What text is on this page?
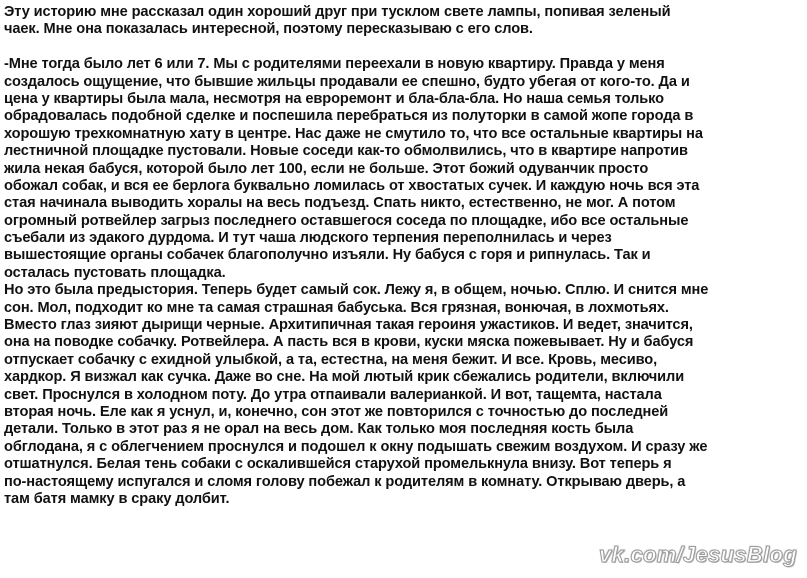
Эту историю мне рассказал один хороший друг при тусклом свете лампы, попивая зеленый
чаек. Мне она показалась интересной, поэтому пересказываю с его слов.
-Мне тогда было лет 6 или 7. Мы с родителями переехали в новую квартиру. Правда у меня
создалось ощущение, что бывшие жильцы продавали ее спешно, будто убегая от кого-то. Да и
цена у квартиры была мала, несмотря на евроремонт и бла-бла-бла. Но наша семья только
обрадовалась подобной сделке и поспешила перебраться из полуторки в самой жопе города в
хорошую трехкомнатную хату в центре. Нас даже не смутило то, что все остальные квартиры на
лестничной площадке пустовали. Новые соседи как-то обмолвились, что в квартире напротив
жила некая бабуся, которой было лет 100, если не больше. Этот божий одуванчик просто
обожал собак, и вся ее берлога буквально ломилась от хвостатых сучек. И каждую ночь вся эта
стая начинала выводить хоралы на весь подъезд. Спать никто, естественно, не мог. А потом
огромный ротвейлер загрыз последнего оставшегося соседа по площадке, ибо все остальные
съебали из эдакого дурдома. И тут чаша людского терпения переполнилась и через
вышестоящие органы собачек благополучно изъяли. Ну бабуся с горя и рипнулась. Так и
осталась пустовать площадка.
Но это была предыстория. Теперь будет самый сок. Лежу я, в общем, ночью. Сплю. И снится мне
сон. Мол, подходит ко мне та самая страшная бабуська. Вся грязная, вонючая, в лохмотьях.
Вместо глаз зияют дырищи черные. Архитипичная такая героиня ужастиков. И ведет, значится,
она на поводке собачку. Ротвейлера. А пасть вся в крови, куски мяска пожевывает. Ну и бабуся
отпускает собачку с ехидной улыбкой, а та, естестна, на меня бежит. И все. Кровь, месиво,
хардкор. Я визжал как сучка. Даже во сне. На мой лютый крик сбежались родители, включили
свет. Проснулся в холодном поту. До утра отпаивали валерианкой. И вот, тащемта, настала
вторая ночь. Еле как я уснул, и, конечно, сон этот же повторился с точностью до последней
детали. Только в этот раз я не орал на весь дом. Как только моя последняя кость была
обглодана, я с облегчением проснулся и подошел к окну подышать свежим воздухом. И сразу же
отшатнулся. Белая тень собаки с оскалившейся старухой промелькнула внизу. Вот теперь я
по-настоящему испугался и сломя голову побежал к родителям в комнату. Открываю дверь, а
там батя мамку в сраку долбит.
vk.com/JesusBlog
